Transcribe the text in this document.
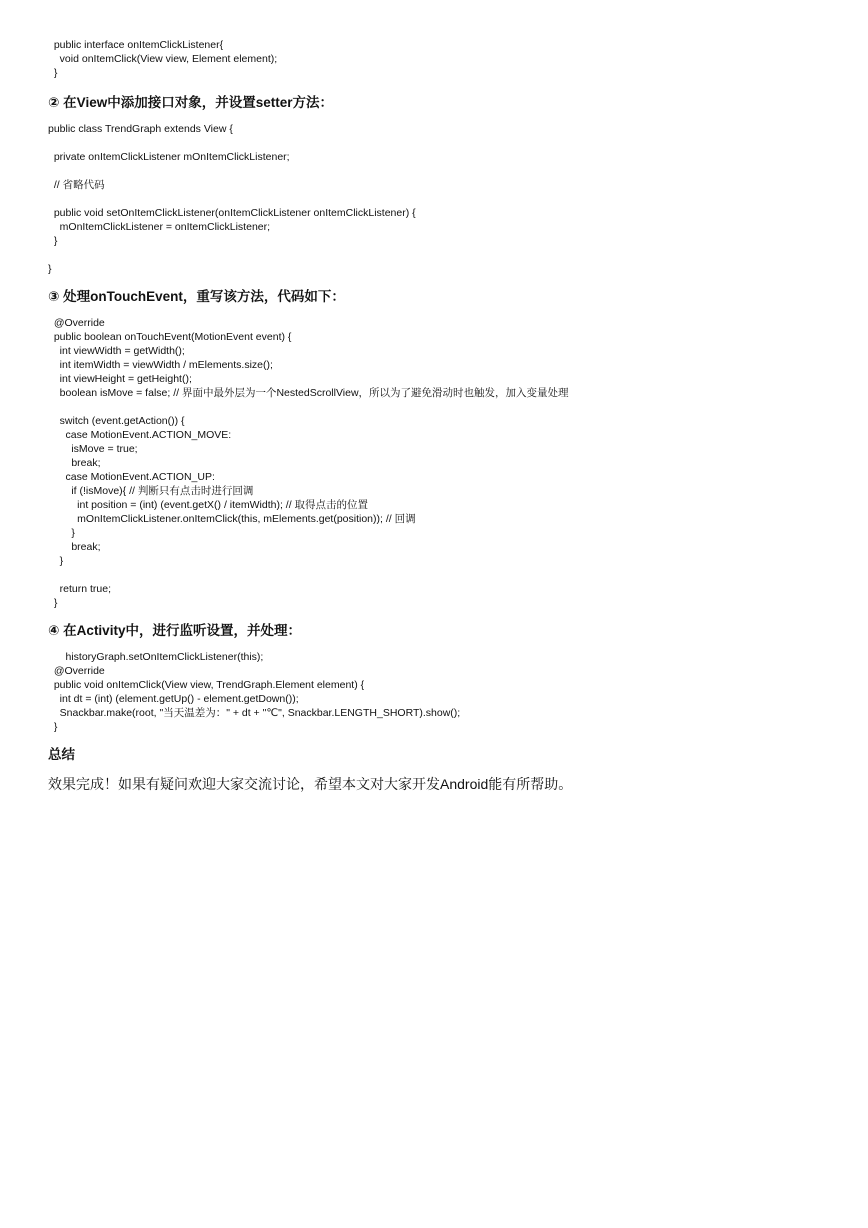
public interface onItemClickListener{
void onItemClick(View view, Element element);
}
② 在View中添加接口对象，并设置setter方法：
public class TrendGraph extends View {
private onItemClickListener mOnItemClickListener;
// 省略代码
public void setOnItemClickListener(onItemClickListener onItemClickListener) {
mOnItemClickListener = onItemClickListener;
}
}
③ 处理onTouchEvent，重写该方法，代码如下：
@Override
public boolean onTouchEvent(MotionEvent event) {
int viewWidth = getWidth();
int itemWidth = viewWidth / mElements.size();
int viewHeight = getHeight();
boolean isMove = false; // 界面中最外层为一个NestedScrollView，所以为了避免滑动时也触发，加入变量处理
switch (event.getAction()) {
case MotionEvent.ACTION_MOVE:
isMove = true;
break;
case MotionEvent.ACTION_UP:
if (!isMove){ // 判断只有点击时进行回调
int position = (int) (event.getX() / itemWidth); // 取得点击的位置
mOnItemClickListener.onItemClick(this, mElements.get(position)); // 回调
}
break;
}
return true;
}
④ 在Activity中，进行监听设置，并处理：
historyGraph.setOnItemClickListener(this);
@Override
public void onItemClick(View view, TrendGraph.Element element) {
int dt = (int) (element.getUp() - element.getDown());
Snackbar.make(root, "当天温差为：" + dt + "℃", Snackbar.LENGTH_SHORT).show();
}
总结

效果完成！如果有疑问欢迎大家交流讨论，希望本文对大家开发Android能有所帮助。
